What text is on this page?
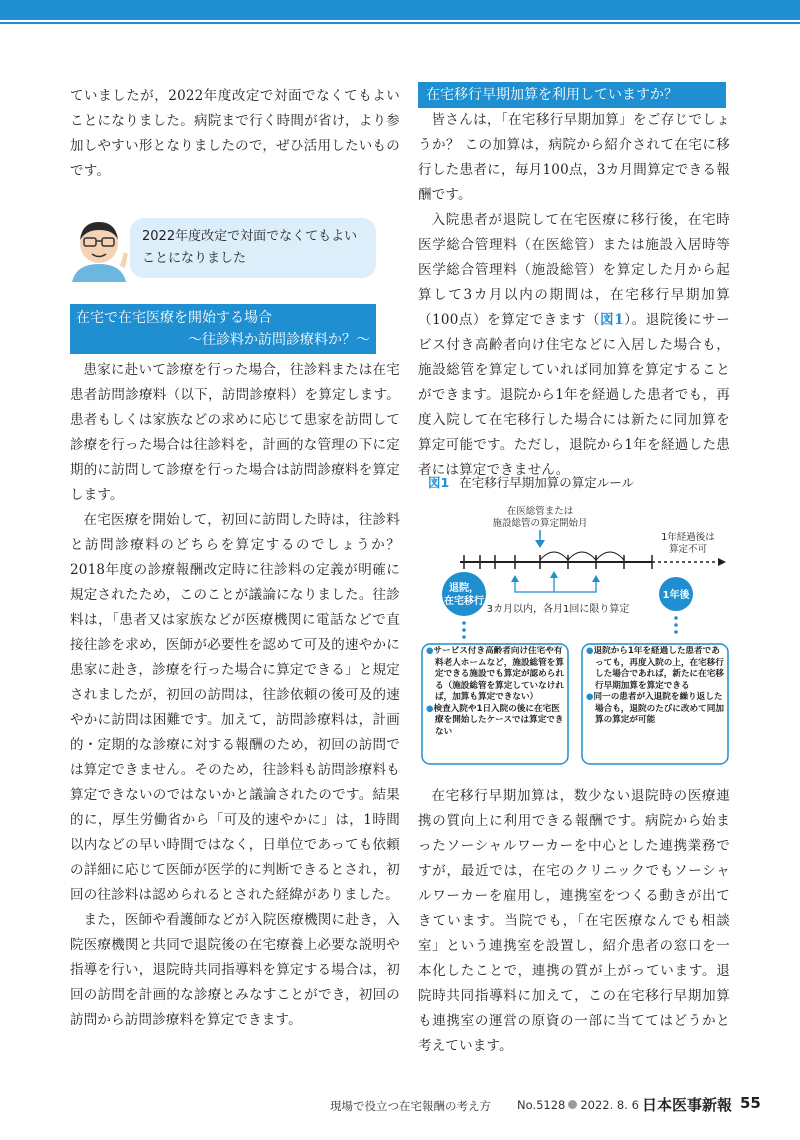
ていましたが，2022年度改定で対面でなくてもよいことになりました。病院まで行く時間が省け，より参加しやすい形となりましたので，ぜひ活用したいものです。

2022年度改定で対面でなくてもよいことになりました
在宅で在宅医療を開始する場合
〜往診料か訪問診療料か？〜

患家に赴いて診療を行った場合，往診料または在宅患者訪問診療料（以下，訪問診療料）を算定します。患者もしくは家族などの求めに応じて患家を訪問して診療を行った場合は往診料を，計画的な管理の下に定期的に訪問して診療を行った場合は訪問診療料を算定します。

在宅医療を開始して，初回に訪問した時は，往診料と訪問診療料のどちらを算定するのでしょうか？ 2018年度の診療報酬改定時に往診料の定義が明確に規定されたため，このことが議論になりました。往診料は，「患者又は家族などが医療機関に電話などで直接往診を求め，医師が必要性を認めて可及的速やかに患家に赴き，診療を行った場合に算定できる」と規定されましたが，初回の訪問は，往診依頼の後可及的速やかに訪問は困難です。加えて，訪問診療料は，計画的・定期的な診療に対する報酬のため，初回の訪問では算定できません。そのため，往診料も訪問診療料も算定できないのではないかと議論されたのです。結果的に，厚生労働省から「可及的速やかに」は，1時間以内などの早い時間ではなく，日単位であっても依頼の詳細に応じて医師が医学的に判断できるとされ，初回の往診料は認められるとされた経緯がありました。

また，医師や看護師などが入院医療機関に赴き，入院医療機関と共同で退院後の在宅療養上必要な説明や指導を行い，退院時共同指導料を算定する場合は，初回の訪問を計画的な診療とみなすことができ，初回の訪問から訪問診療料を算定できます。

在宅移行早期加算を利用していますか？

皆さんは，「在宅移行早期加算」をご存じでしょうか？ この加算は，病院から紹介されて在宅に移行した患者に，毎月100点，3カ月間算定できる報酬です。

入院患者が退院して在宅医療に移行後，在宅時医学総合管理料（在医総管）または施設入居時等医学総合管理料（施設総管）を算定した月から起算して3カ月以内の期間は，在宅移行早期加算（100点）を算定できます（図1）。退院後にサービス付き高齢者向け住宅などに入居した場合も，施設総管を算定していれば同加算を算定することができます。退院から1年を経過した患者でも，再度入院して在宅移行した場合には新たに同加算を算定可能です。ただし，退院から1年を経過した患者には算定できません。

図1 在宅移行早期加算の算定ルール
在医総管または
施設総管の算定開始月
1年経過後は
算定不可
退院，
在宅移行
3カ月以内，各月1回に限り算定
1年後
●サービス付き高齢者向け住宅や有料老人ホームなど，施設総管を算定できる施設でも算定が認められる（施設総管を算定していなければ，加算も算定できない）
●検査入院や1日入院の後に在宅医療を開始したケースでは算定できない
●退院から1年を経過した患者であっても，再度入院の上，在宅移行した場合であれば，新たに在宅移行早期加算を算定できる
●同一の患者が入退院を繰り返した場合も，退院のたびに改めて同加算の算定が可能

在宅移行早期加算は，数少ない退院時の医療連携の質向上に利用できる報酬です。病院から始まったソーシャルワーカーを中心とした連携業務ですが，最近では，在宅のクリニックでもソーシャルワーカーを雇用し，連携室をつくる動きが出てきています。当院でも，「在宅医療なんでも相談室」という連携室を設置し，紹介患者の窓口を一本化したことで，連携の質が上がっています。退院時共同指導料に加えて，この在宅移行早期加算も連携室の運営の原資の一部に当ててはどうかと考えています。

現場で役立つ在宅報酬の考え方 No.5128 2022. 8. 6 日本医事新報 55
